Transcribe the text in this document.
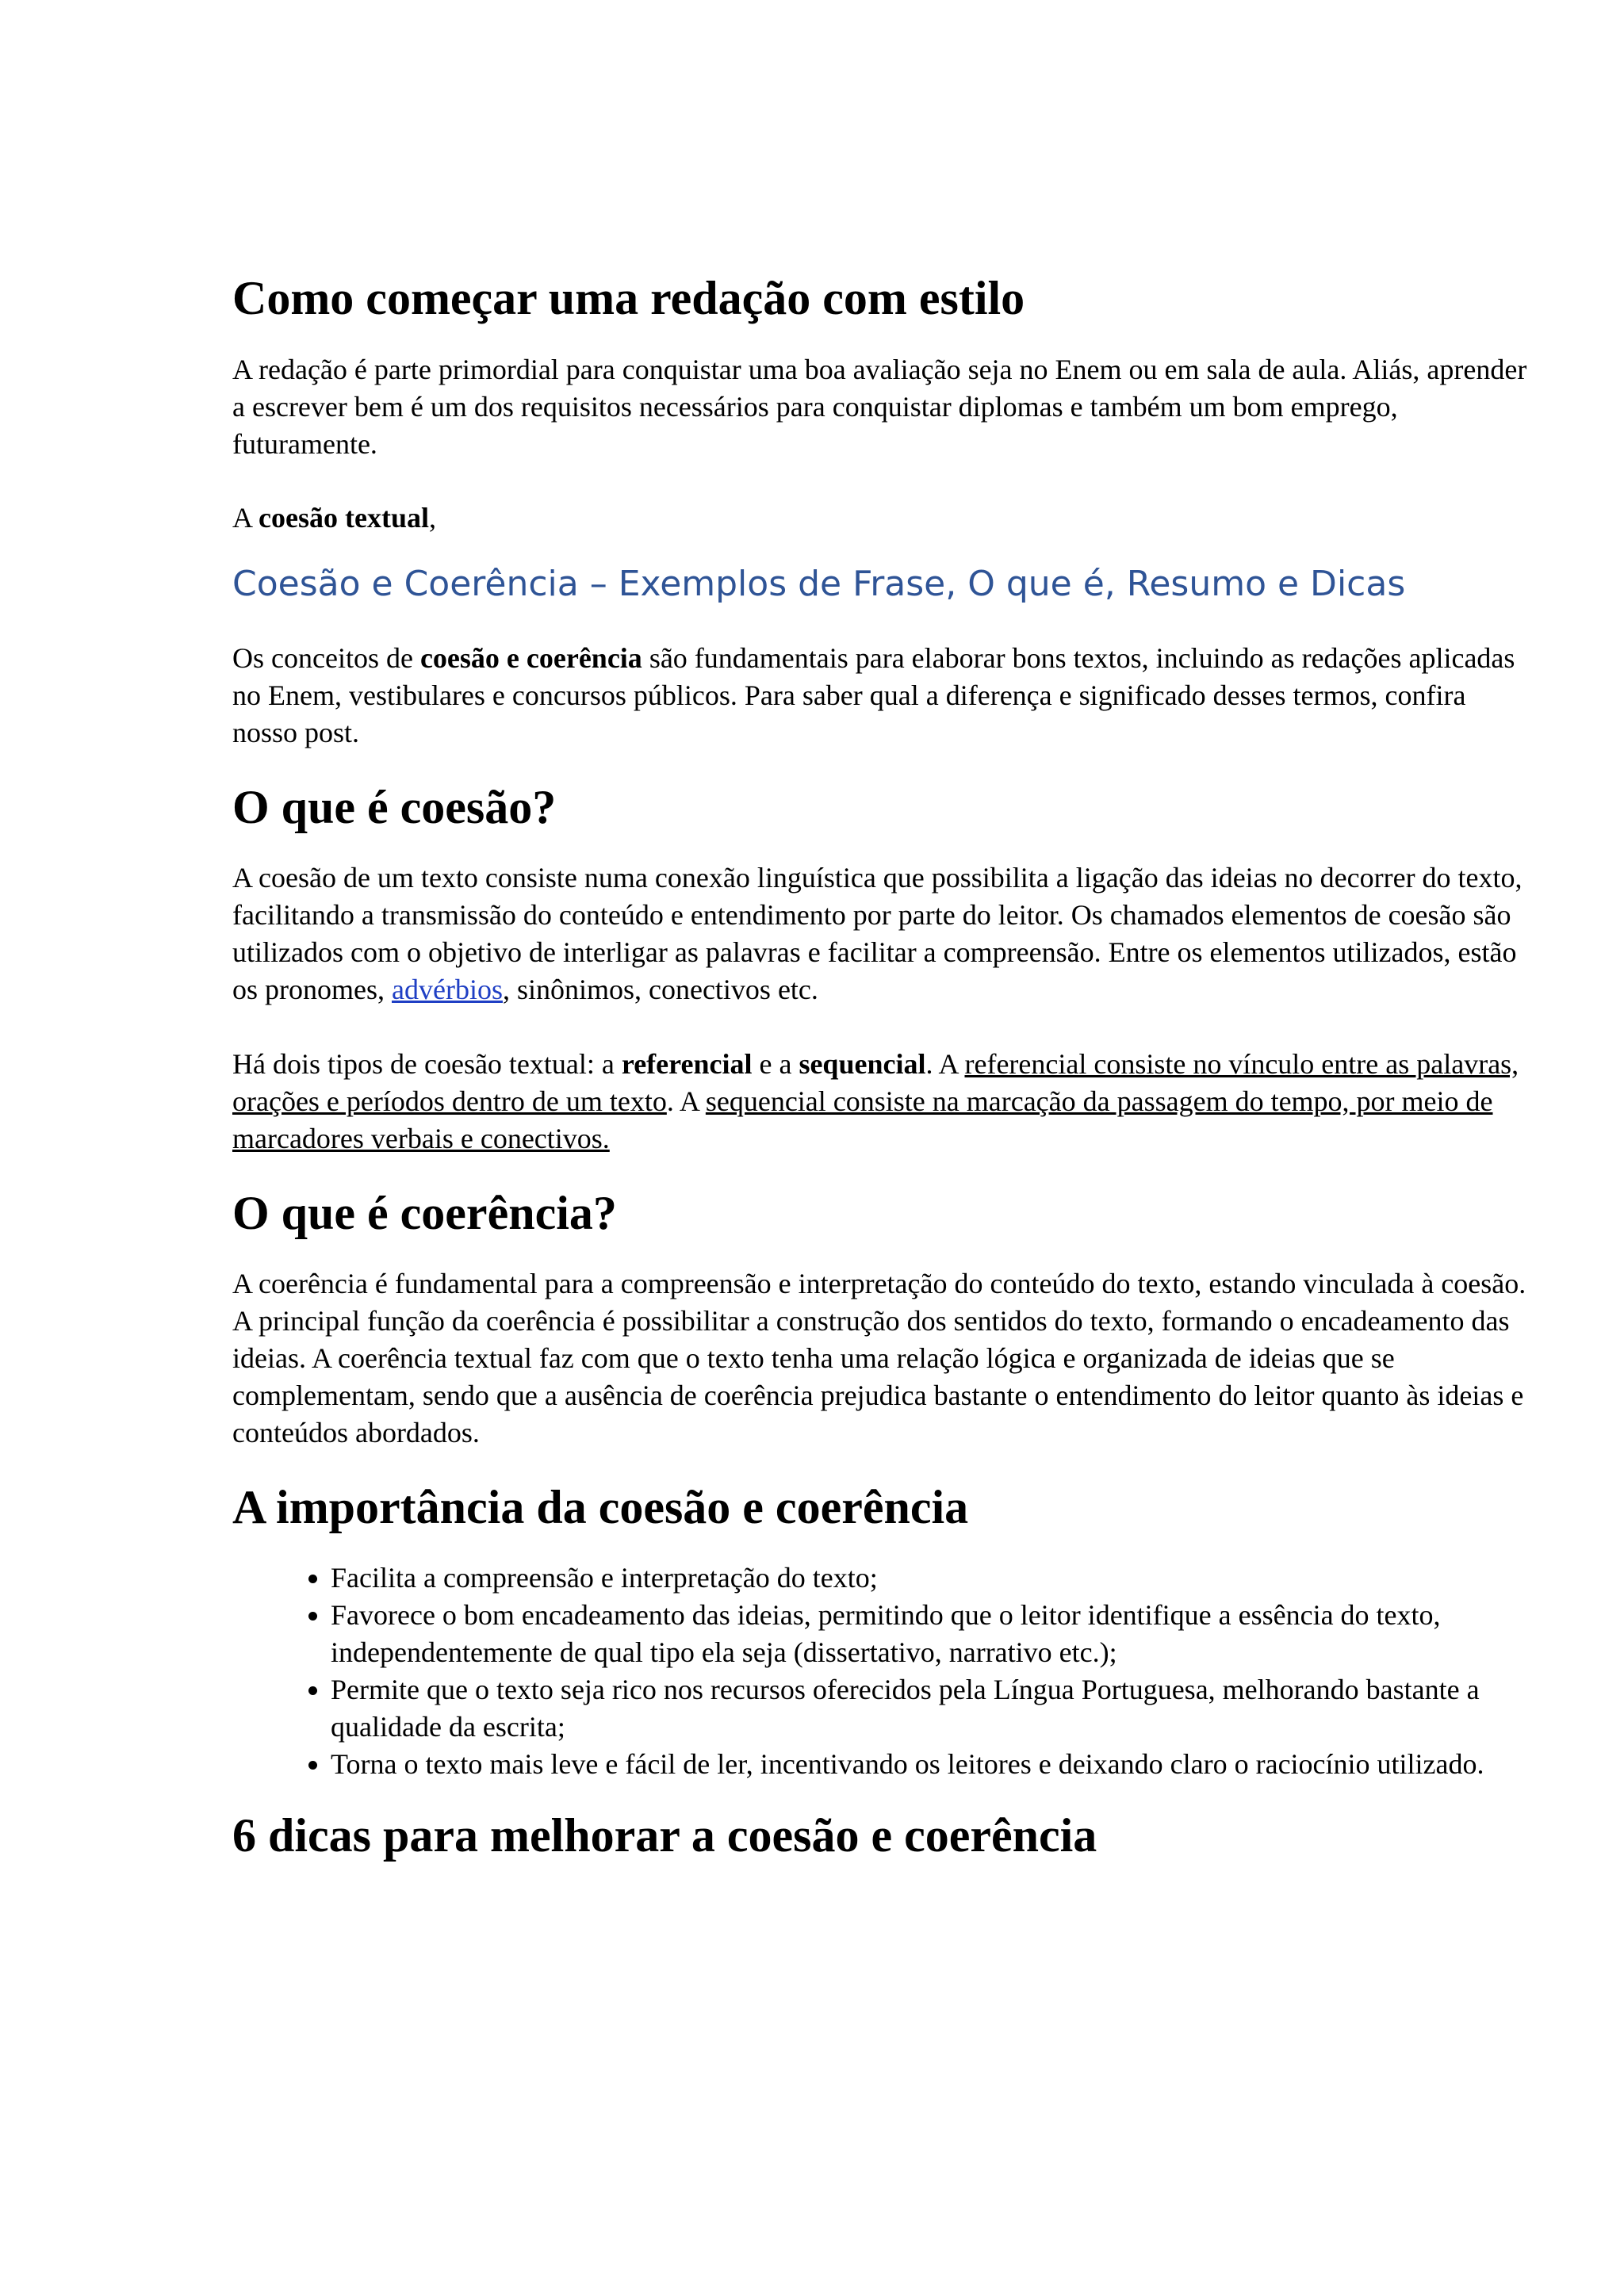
Como começar uma redação com estilo

A redação é parte primordial para conquistar uma boa avaliação seja no Enem ou em sala de aula. Aliás, aprender a escrever bem é um dos requisitos necessários para conquistar diplomas e também um bom emprego, futuramente.

A coesão textual,

Coesão e Coerência – Exemplos de Frase, O que é, Resumo e Dicas

Os conceitos de coesão e coerência são fundamentais para elaborar bons textos, incluindo as redações aplicadas no Enem, vestibulares e concursos públicos. Para saber qual a diferença e significado desses termos, confira nosso post.

O que é coesão?

A coesão de um texto consiste numa conexão linguística que possibilita a ligação das ideias no decorrer do texto, facilitando a transmissão do conteúdo e entendimento por parte do leitor. Os chamados elementos de coesão são utilizados com o objetivo de interligar as palavras e facilitar a compreensão. Entre os elementos utilizados, estão os pronomes, advérbios, sinônimos, conectivos etc.

Há dois tipos de coesão textual: a referencial e a sequencial. A referencial consiste no vínculo entre as palavras, orações e períodos dentro de um texto. A sequencial consiste na marcação da passagem do tempo, por meio de marcadores verbais e conectivos.

O que é coerência?

A coerência é fundamental para a compreensão e interpretação do conteúdo do texto, estando vinculada à coesão. A principal função da coerência é possibilitar a construção dos sentidos do texto, formando o encadeamento das ideias. A coerência textual faz com que o texto tenha uma relação lógica e organizada de ideias que se complementam, sendo que a ausência de coerência prejudica bastante o entendimento do leitor quanto às ideias e conteúdos abordados.

A importância da coesão e coerência
• Facilita a compreensão e interpretação do texto;
• Favorece o bom encadeamento das ideias, permitindo que o leitor identifique a essência do texto, independentemente de qual tipo ela seja (dissertativo, narrativo etc.);
• Permite que o texto seja rico nos recursos oferecidos pela Língua Portuguesa, melhorando bastante a qualidade da escrita;
• Torna o texto mais leve e fácil de ler, incentivando os leitores e deixando claro o raciocínio utilizado.
6 dicas para melhorar a coesão e coerência
